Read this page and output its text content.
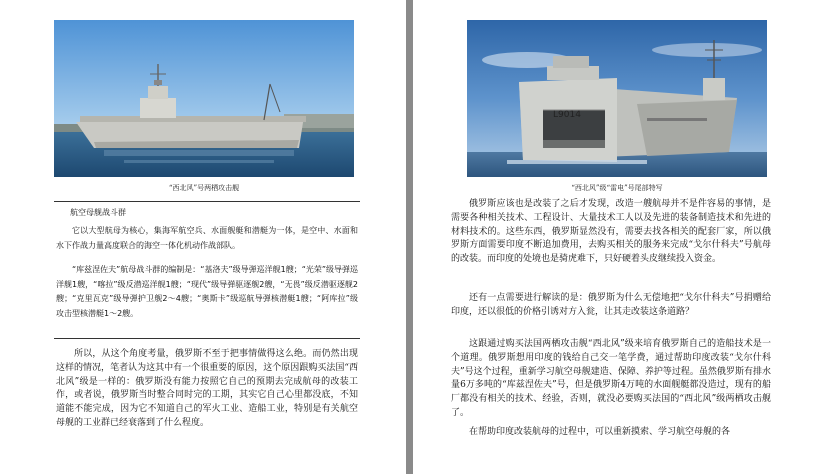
“西北风”号两栖攻击舰
航空母舰战斗群
它以大型航母为核心，集海军航空兵、水面舰艇和潜艇为一体，是空中、水面和水下作战力量高度联合的海空一体化机动作战部队。
“库兹涅佐夫”航母战斗群的编制是：“基洛夫”级导弹巡洋舰1艘；“光荣”级导弹巡洋舰1艘，“喀拉”级反潜巡洋舰1艘；“现代”级导弹驱逐舰2艘，“无畏”级反潜驱逐舰2艘；“克里瓦克”级导弹护卫舰2～4艘；“奥斯卡”级巡航导弹核潜艇1艘；“阿库拉”级攻击型核潜艇1～2艘。
所以，从这个角度考量，俄罗斯不至于把事情做得这么绝。而仍然出现这样的情况，笔者认为这其中有一个很重要的原因，这个原因跟购买法国“西北风”级是一样的：俄罗斯没有能力按照它自己的预期去完成航母的改装工作，或者说，俄罗斯当时整合同时完的工期，其实它自己心里都没底，不知道能不能完成，因为它不知道自己的军火工业、造船工业，特别是有关航空母舰的工业群已经衰落到了什么程度。
L9014
“西北风”级“雷电”号尾部特写
俄罗斯应该也是改装了之后才发现，改造一艘航母并不是件容易的事情，是需要各种相关技术、工程设计、大量技术工人以及先进的装备制造技术和先进的材料技术的。这些东西，俄罗斯显然没有，需要去找各相关的配套厂家，所以俄罗斯方面需要印度不断追加费用，去购买相关的服务来完成“戈尔什科夫”号航母的改装。而印度的处境也是骑虎难下，只好硬着头皮继续投入资金。
还有一点需要进行解读的是：俄罗斯为什么无偿地把“戈尔什科夫”号捐赠给印度，还以很低的价格引诱对方入瓮，让其走改装这条道路？
这跟通过购买法国两栖攻击舰“西北风”级来培育俄罗斯自己的造船技术是一个道理。俄罗斯想用印度的钱给自己交一笔学费，通过帮助印度改装“戈尔什科夫”号这个过程，重新学习航空母舰建造、保障、养护等过程。虽然俄罗斯有排水量6万多吨的“库兹涅佐夫”号，但是俄罗斯4万吨的水面舰艇都没造过，现有的船厂都没有相关的技术、经验，否则，就没必要购买法国的“西北风”级两栖攻击舰了。
在帮助印度改装航母的过程中，可以重新摸索、学习航空母舰的各
